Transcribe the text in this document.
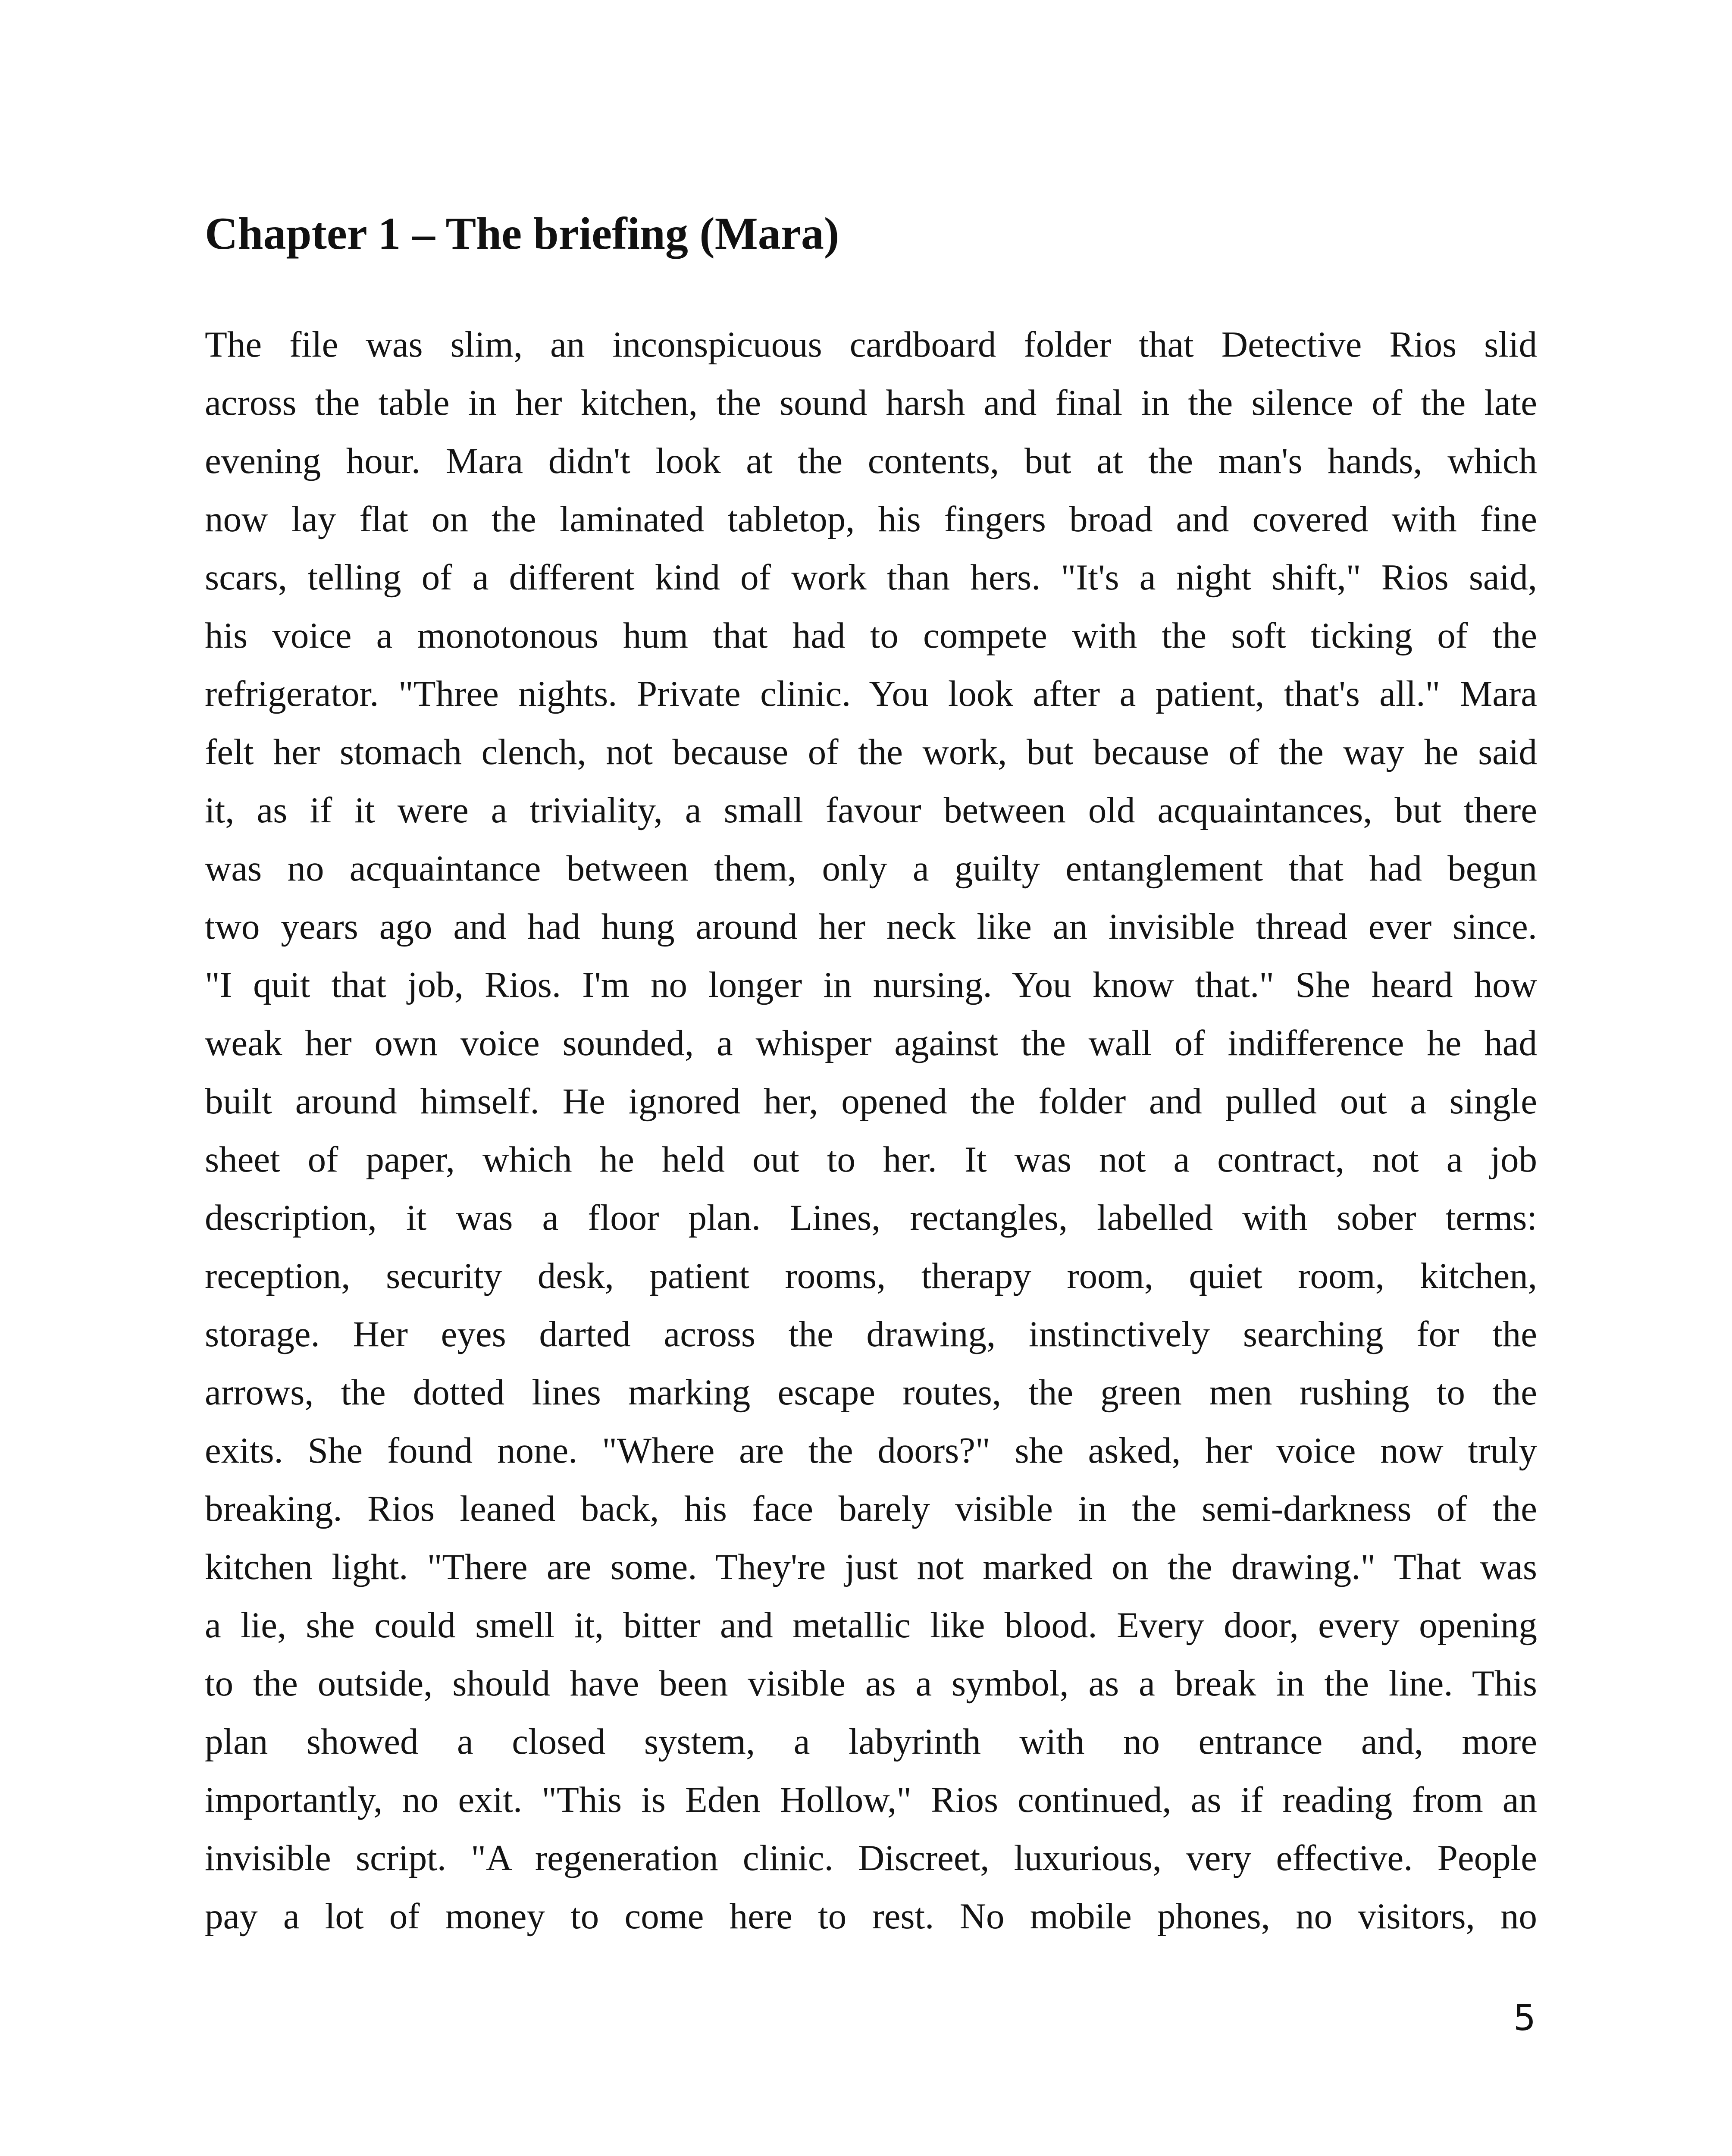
Chapter 1 – The briefing (Mara)
The file was slim, an inconspicuous cardboard folder that Detective Rios slid
across the table in her kitchen, the sound harsh and final in the silence of the late
evening hour. Mara didn't look at the contents, but at the man's hands, which
now lay flat on the laminated tabletop, his fingers broad and covered with fine
scars, telling of a different kind of work than hers. "It's a night shift," Rios said,
his voice a monotonous hum that had to compete with the soft ticking of the
refrigerator. "Three nights. Private clinic. You look after a patient, that's all." Mara
felt her stomach clench, not because of the work, but because of the way he said
it, as if it were a triviality, a small favour between old acquaintances, but there
was no acquaintance between them, only a guilty entanglement that had begun
two years ago and had hung around her neck like an invisible thread ever since.
"I quit that job, Rios. I'm no longer in nursing. You know that." She heard how
weak her own voice sounded, a whisper against the wall of indifference he had
built around himself. He ignored her, opened the folder and pulled out a single
sheet of paper, which he held out to her. It was not a contract, not a job
description, it was a floor plan. Lines, rectangles, labelled with sober terms:
reception, security desk, patient rooms, therapy room, quiet room, kitchen,
storage. Her eyes darted across the drawing, instinctively searching for the
arrows, the dotted lines marking escape routes, the green men rushing to the
exits. She found none. "Where are the doors?" she asked, her voice now truly
breaking. Rios leaned back, his face barely visible in the semi-darkness of the
kitchen light. "There are some. They're just not marked on the drawing." That was
a lie, she could smell it, bitter and metallic like blood. Every door, every opening
to the outside, should have been visible as a symbol, as a break in the line. This
plan showed a closed system, a labyrinth with no entrance and, more
importantly, no exit. "This is Eden Hollow," Rios continued, as if reading from an
invisible script. "A regeneration clinic. Discreet, luxurious, very effective. People
pay a lot of money to come here to rest. No mobile phones, no visitors, no
5
